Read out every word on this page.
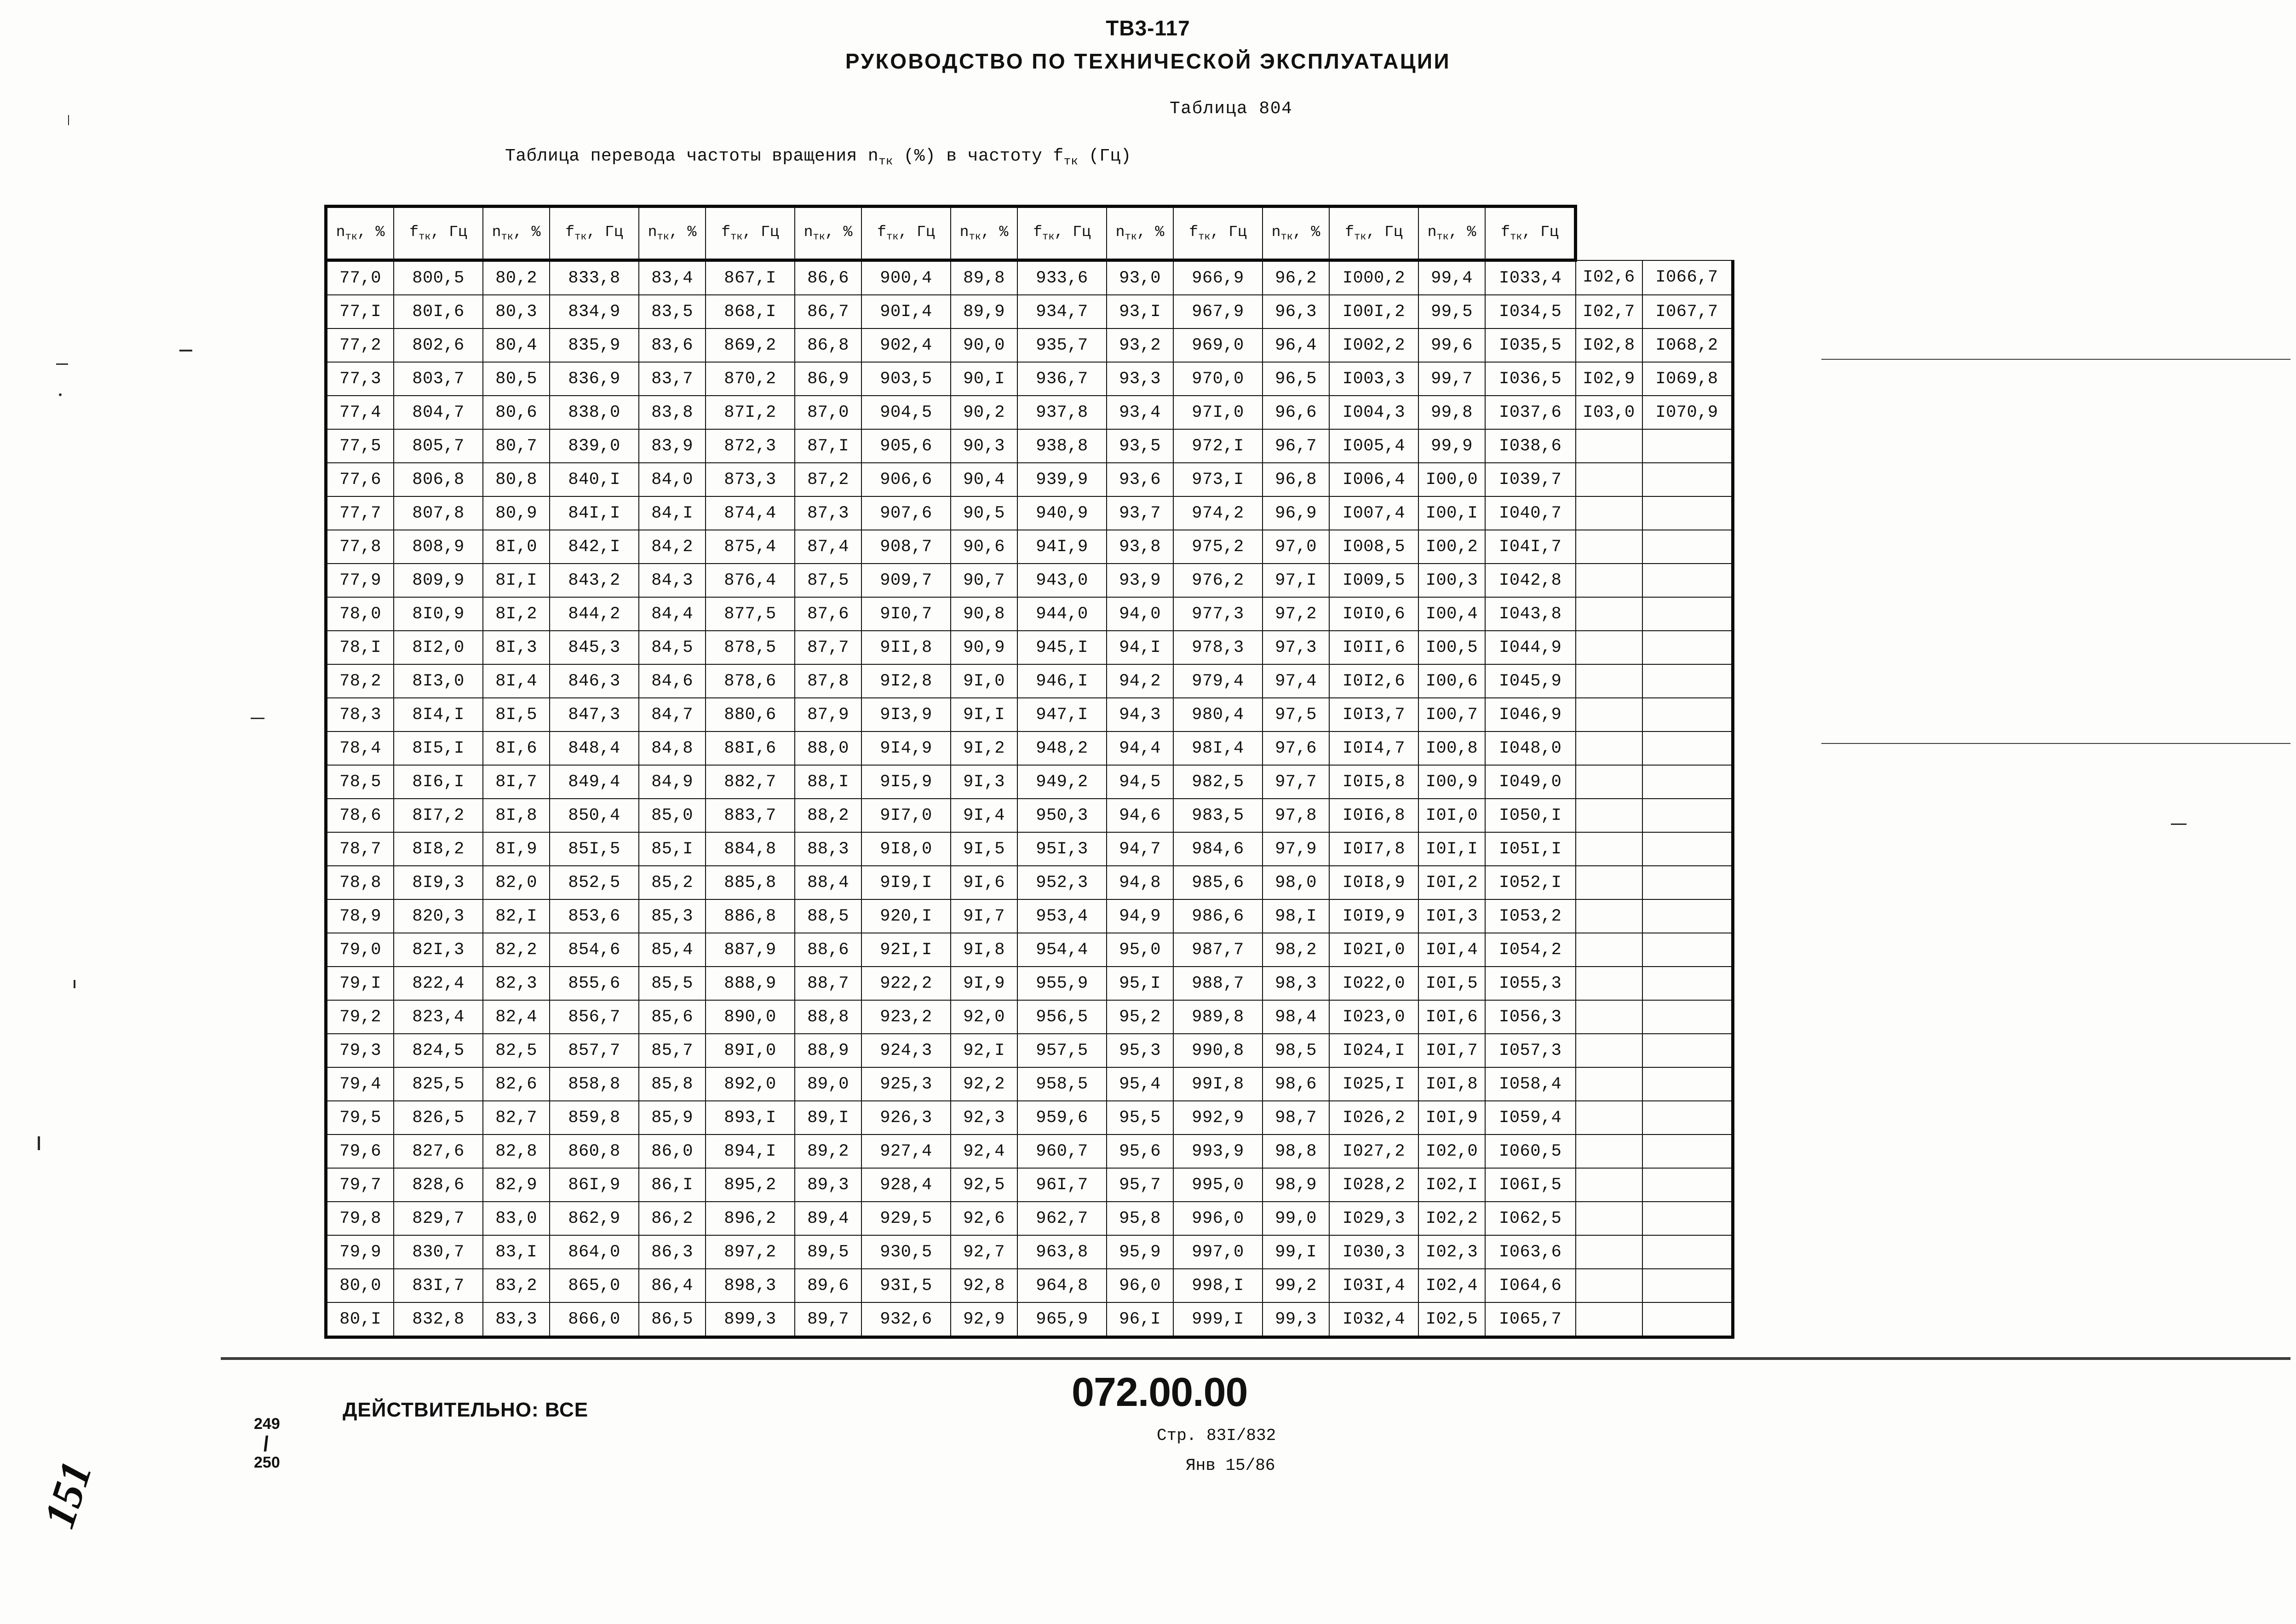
ТВ3-117
РУКОВОДСТВО ПО ТЕХНИЧЕСКОЙ ЭКСПЛУАТАЦИИ
Таблица 804
Таблица перевода частоты вращения $n_{тк}$ (%) в частоту $f_{тк}$ (Гц)
$n_{тк}$, %	$f_{тк}$, Гц	$n_{тк}$, %	$f_{тк}$, Гц	$n_{тк}$, %	$f_{тк}$, Гц	$n_{тк}$, %	$f_{тк}$, Гц	$n_{тк}$, %	$f_{тк}$, Гц	$n_{тк}$, %	$f_{тк}$, Гц	$n_{тк}$, %	$f_{тк}$, Гц	$n_{тк}$, %	$f_{тк}$, Гц		
77,0	800,5	80,2	833,8	83,4	867,I	86,6	900,4	89,8	933,6	93,0	966,9	96,2	I000,2	99,4	I033,4	I02,6	I066,7
77,I	80I,6	80,3	834,9	83,5	868,I	86,7	90I,4	89,9	934,7	93,I	967,9	96,3	I00I,2	99,5	I034,5	I02,7	I067,7
77,2	802,6	80,4	835,9	83,6	869,2	86,8	902,4	90,0	935,7	93,2	969,0	96,4	I002,2	99,6	I035,5	I02,8	I068,2
77,3	803,7	80,5	836,9	83,7	870,2	86,9	903,5	90,I	936,7	93,3	970,0	96,5	I003,3	99,7	I036,5	I02,9	I069,8
77,4	804,7	80,6	838,0	83,8	87I,2	87,0	904,5	90,2	937,8	93,4	97I,0	96,6	I004,3	99,8	I037,6	I03,0	I070,9
77,5	805,7	80,7	839,0	83,9	872,3	87,I	905,6	90,3	938,8	93,5	972,I	96,7	I005,4	99,9	I038,6		
77,6	806,8	80,8	840,I	84,0	873,3	87,2	906,6	90,4	939,9	93,6	973,I	96,8	I006,4	I00,0	I039,7		
77,7	807,8	80,9	84I,I	84,I	874,4	87,3	907,6	90,5	940,9	93,7	974,2	96,9	I007,4	I00,I	I040,7		
77,8	808,9	8I,0	842,I	84,2	875,4	87,4	908,7	90,6	94I,9	93,8	975,2	97,0	I008,5	I00,2	I04I,7		
77,9	809,9	8I,I	843,2	84,3	876,4	87,5	909,7	90,7	943,0	93,9	976,2	97,I	I009,5	I00,3	I042,8		
78,0	8I0,9	8I,2	844,2	84,4	877,5	87,6	9I0,7	90,8	944,0	94,0	977,3	97,2	I0I0,6	I00,4	I043,8		
78,I	8I2,0	8I,3	845,3	84,5	878,5	87,7	9II,8	90,9	945,I	94,I	978,3	97,3	I0II,6	I00,5	I044,9		
78,2	8I3,0	8I,4	846,3	84,6	878,6	87,8	9I2,8	9I,0	946,I	94,2	979,4	97,4	I0I2,6	I00,6	I045,9		
78,3	8I4,I	8I,5	847,3	84,7	880,6	87,9	9I3,9	9I,I	947,I	94,3	980,4	97,5	I0I3,7	I00,7	I046,9		
78,4	8I5,I	8I,6	848,4	84,8	88I,6	88,0	9I4,9	9I,2	948,2	94,4	98I,4	97,6	I0I4,7	I00,8	I048,0		
78,5	8I6,I	8I,7	849,4	84,9	882,7	88,I	9I5,9	9I,3	949,2	94,5	982,5	97,7	I0I5,8	I00,9	I049,0		
78,6	8I7,2	8I,8	850,4	85,0	883,7	88,2	9I7,0	9I,4	950,3	94,6	983,5	97,8	I0I6,8	I0I,0	I050,I		
78,7	8I8,2	8I,9	85I,5	85,I	884,8	88,3	9I8,0	9I,5	95I,3	94,7	984,6	97,9	I0I7,8	I0I,I	I05I,I		
78,8	8I9,3	82,0	852,5	85,2	885,8	88,4	9I9,I	9I,6	952,3	94,8	985,6	98,0	I0I8,9	I0I,2	I052,I		
78,9	820,3	82,I	853,6	85,3	886,8	88,5	920,I	9I,7	953,4	94,9	986,6	98,I	I0I9,9	I0I,3	I053,2		
79,0	82I,3	82,2	854,6	85,4	887,9	88,6	92I,I	9I,8	954,4	95,0	987,7	98,2	I02I,0	I0I,4	I054,2		
79,I	822,4	82,3	855,6	85,5	888,9	88,7	922,2	9I,9	955,9	95,I	988,7	98,3	I022,0	I0I,5	I055,3		
79,2	823,4	82,4	856,7	85,6	890,0	88,8	923,2	92,0	956,5	95,2	989,8	98,4	I023,0	I0I,6	I056,3		
79,3	824,5	82,5	857,7	85,7	89I,0	88,9	924,3	92,I	957,5	95,3	990,8	98,5	I024,I	I0I,7	I057,3		
79,4	825,5	82,6	858,8	85,8	892,0	89,0	925,3	92,2	958,5	95,4	99I,8	98,6	I025,I	I0I,8	I058,4		
79,5	826,5	82,7	859,8	85,9	893,I	89,I	926,3	92,3	959,6	95,5	992,9	98,7	I026,2	I0I,9	I059,4		
79,6	827,6	82,8	860,8	86,0	894,I	89,2	927,4	92,4	960,7	95,6	993,9	98,8	I027,2	I02,0	I060,5		
79,7	828,6	82,9	86I,9	86,I	895,2	89,3	928,4	92,5	96I,7	95,7	995,0	98,9	I028,2	I02,I	I06I,5		
79,8	829,7	83,0	862,9	86,2	896,2	89,4	929,5	92,6	962,7	95,8	996,0	99,0	I029,3	I02,2	I062,5		
79,9	830,7	83,I	864,0	86,3	897,2	89,5	930,5	92,7	963,8	95,9	997,0	99,I	I030,3	I02,3	I063,6		
80,0	83I,7	83,2	865,0	86,4	898,3	89,6	93I,5	92,8	964,8	96,0	998,I	99,2	I03I,4	I02,4	I064,6		
80,I	832,8	83,3	866,0	86,5	899,3	89,7	932,6	92,9	965,9	96,I	999,I	99,3	I032,4	I02,5	I065,7		
ДЕЙСТВИТЕЛЬНО: ВСЕ	072.00.00
Стр. 83I/832
Янв 15/86
249
/
250
151
